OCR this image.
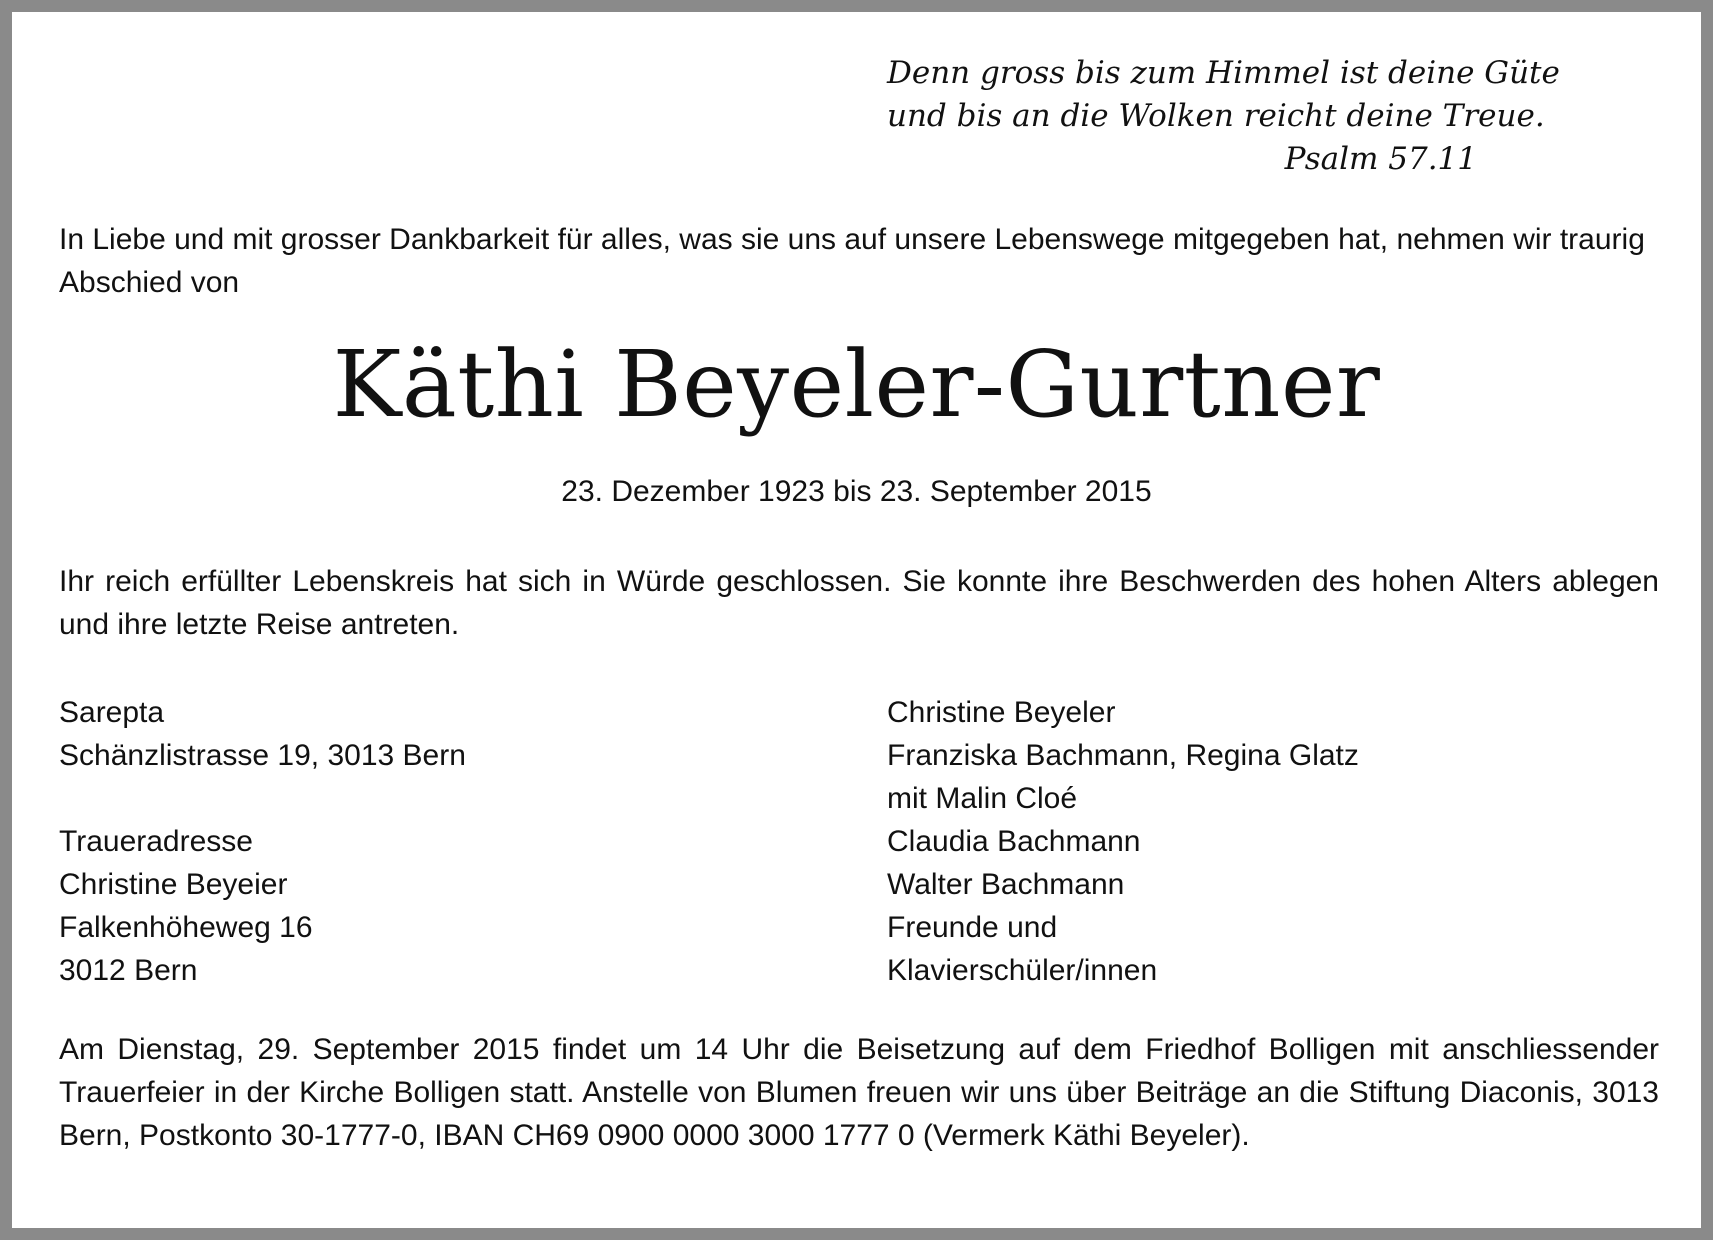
Denn gross bis zum Himmel ist deine Güte
und bis an die Wolken reicht deine Treue.
Psalm 57.11
In Liebe und mit grosser Dankbarkeit für alles, was sie uns auf unsere Lebenswege mitgegeben hat, nehmen wir traurig Abschied von
Käthi Beyeler-Gurtner
23. Dezember 1923 bis 23. September 2015
Ihr reich erfüllter Lebenskreis hat sich in Würde geschlossen. Sie konnte ihre Beschwerden des hohen Alters ablegen und ihre letzte Reise antreten.
Sarepta
Schänzlistrasse 19, 3013 Bern
Traueradresse
Christine Beyeier
Falkenhöheweg 16
3012 Bern
Christine Beyeler
Franziska Bachmann, Regina Glatz
mit Malin Cloé
Claudia Bachmann
Walter Bachmann
Freunde und
Klavierschüler/innen
Am Dienstag, 29. September 2015 findet um 14 Uhr die Beisetzung auf dem Friedhof Bolligen mit anschliessender Trauerfeier in der Kirche Bolligen statt. Anstelle von Blumen freuen wir uns über Beiträge an die Stiftung Diaconis, 3013 Bern, Postkonto 30-1777-0, IBAN CH69 0900 0000 3000 1777 0 (Vermerk Käthi Beyeler).
